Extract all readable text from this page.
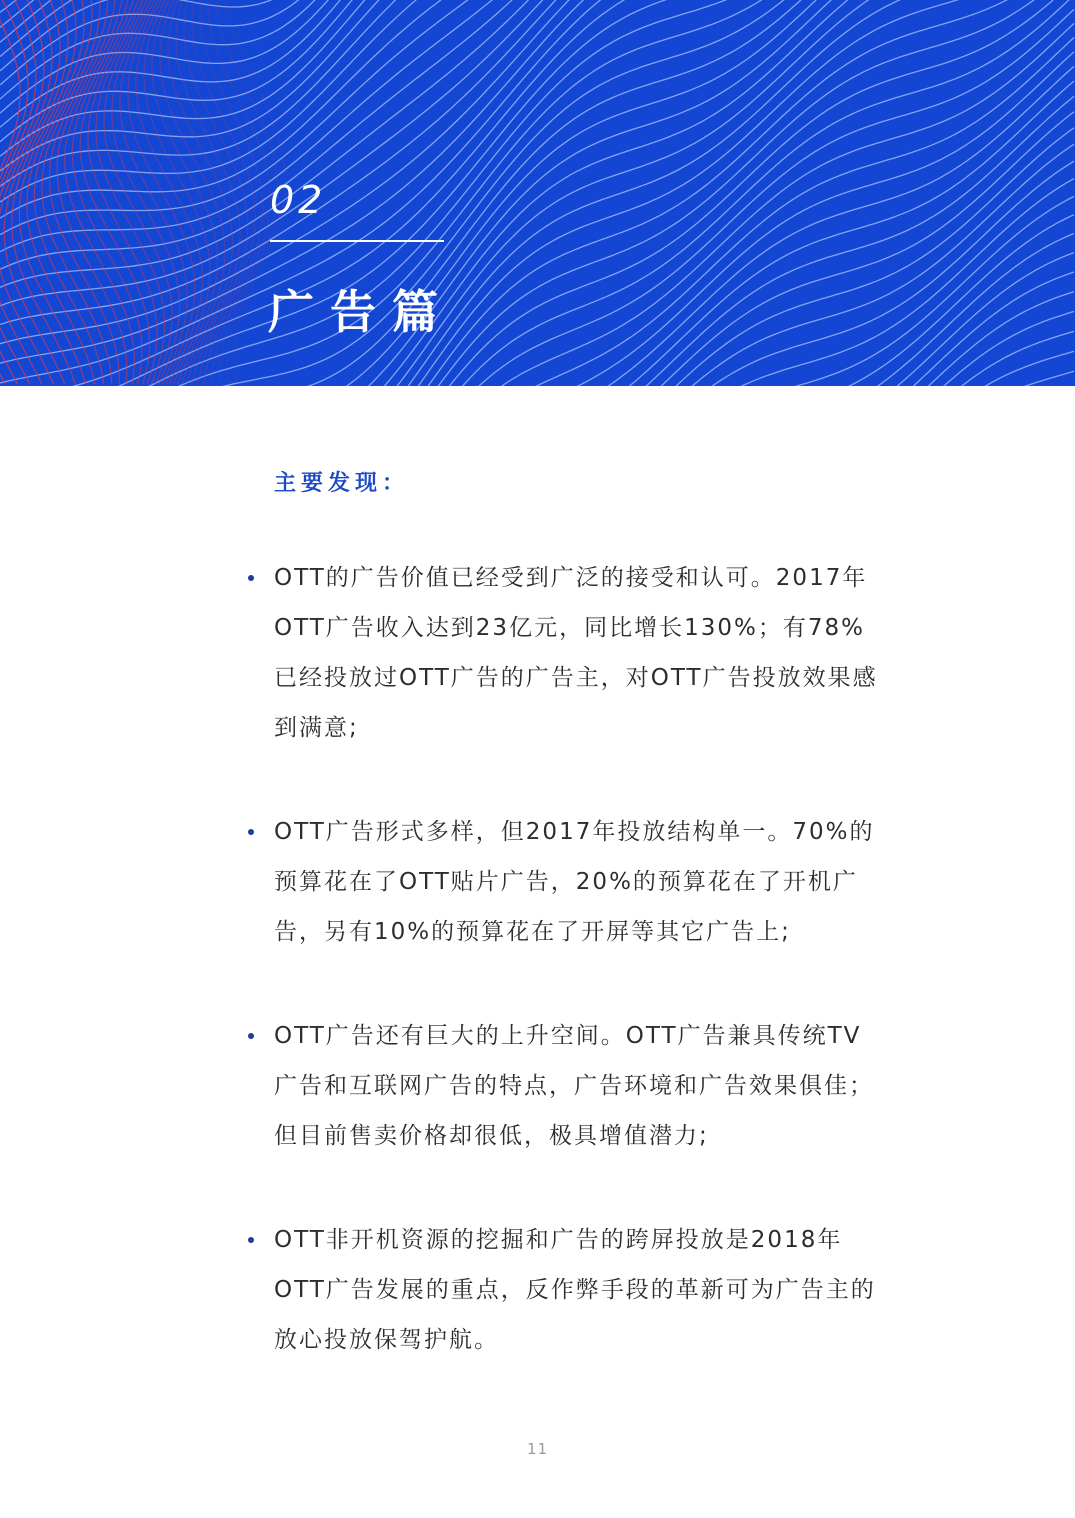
02
广告篇
主要发现：
OTT的广告价值已经受到广泛的接受和认可。2017年OTT广告收入达到23亿元，同比增长130%；有78%已经投放过OTT广告的广告主，对OTT广告投放效果感到满意;
OTT广告形式多样，但2017年投放结构单一。70%的预算花在了OTT贴片广告，20%的预算花在了开机广告，另有10%的预算花在了开屏等其它广告上;
OTT广告还有巨大的上升空间。OTT广告兼具传统TV广告和互联网广告的特点，广告环境和广告效果俱佳；但目前售卖价格却很低，极具增值潜力;
OTT非开机资源的挖掘和广告的跨屏投放是2018年OTT广告发展的重点，反作弊手段的革新可为广告主的放心投放保驾护航。
11
